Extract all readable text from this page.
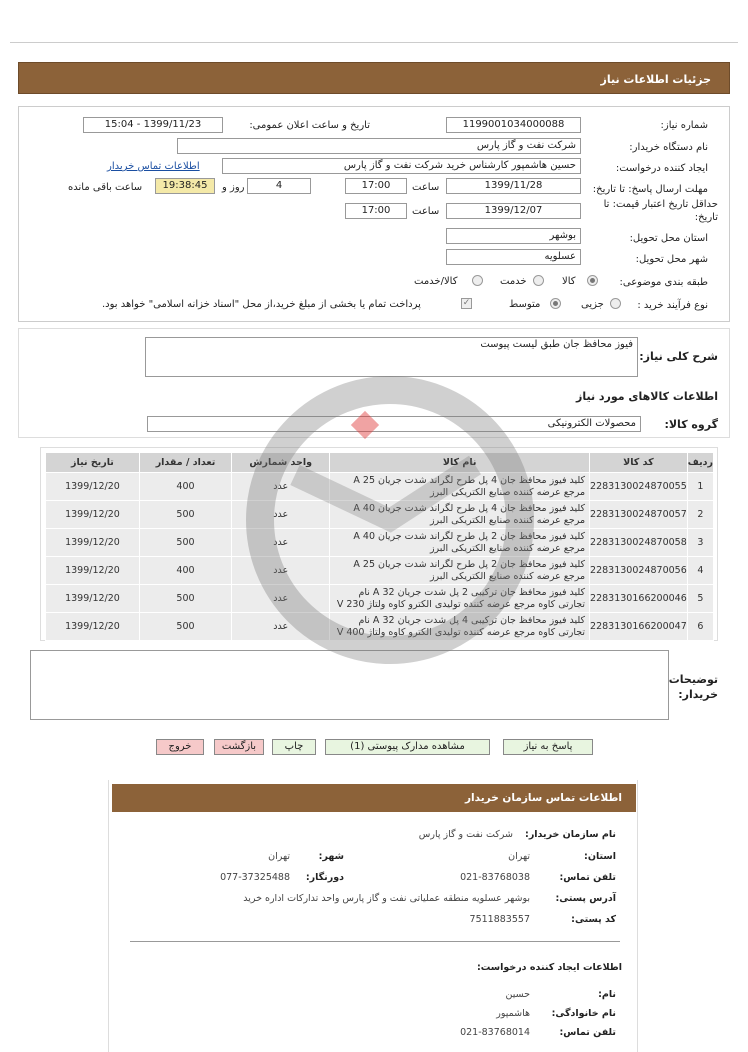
جزئیات اطلاعات نیاز
شماره نیاز:
1199001034000088
تاریخ و ساعت اعلان عمومی:
1399/11/23 - 15:04
نام دستگاه خریدار:
شرکت نفت و گاز پارس
ایجاد کننده درخواست:
حسین هاشمپور کارشناس خرید شرکت نفت و گاز پارس
اطلاعات تماس خریدار
مهلت ارسال پاسخ: تا تاریخ:
1399/11/28
ساعت
17:00
4
روز و
19:38:45
ساعت باقی مانده
حداقل تاریخ اعتبار قیمت: تا تاریخ:
1399/12/07
ساعت
17:00
استان محل تحویل:
بوشهر
شهر محل تحویل:
عسلویه
طبقه بندی موضوعی:
کالا
خدمت
کالا/خدمت
نوع فرآیند خرید :
جزیی
متوسط
✓
پرداخت تمام یا بخشی از مبلغ خرید،از محل "اسناد خزانه اسلامی" خواهد بود.
شرح کلی نیاز:
فیوز محافظ جان طبق لیست پیوست
اطلاعات کالاهای مورد نیاز
گروه کالا:
محصولات الکترونیکی
ردیف	کد کالا	نام کالا	واحد شمارش	تعداد / مقدار	تاریخ نیاز
1	2283130024870055	کلید فیوز محافظ جان 4 پل طرح لگراند شدت جریان 25 A مرجع عرضه کننده صنایع الکتریکی البرز	عدد	400	1399/12/20
2	2283130024870057	کلید فیوز محافظ جان 4 پل طرح لگراند شدت جریان 40 A مرجع عرضه کننده صنایع الکتریکی البرز	عدد	500	1399/12/20
3	2283130024870058	کلید فیوز محافظ جان 2 پل طرح لگراند شدت جریان 40 A مرجع عرضه کننده صنایع الکتریکی البرز	عدد	500	1399/12/20
4	2283130024870056	کلید فیوز محافظ جان 2 پل طرح لگراند شدت جریان 25 A مرجع عرضه کننده صنایع الکتریکی البرز	عدد	400	1399/12/20
5	2283130166200046	کلید فیوز محافظ جان ترکیبی 2 پل شدت جریان 32 A نام تجارتی کاوه مرجع عرضه کننده تولیدی الکترو کاوه ولتاژ 230 V	عدد	500	1399/12/20
6	2283130166200047	کلید فیوز محافظ جان ترکیبی 4 پل شدت جریان 32 A نام تجارتی کاوه مرجع عرضه کننده تولیدی الکترو کاوه ولتاژ 400 V	عدد	500	1399/12/20
توضیحات خریدار:
پاسخ به نیاز
مشاهده مدارک پیوستی (1)
چاپ
بازگشت
خروج
اطلاعات تماس سازمان خریدار
نام سازمان خریدار:
شرکت نفت و گاز پارس
استان:
تهران
شهر:
تهران
تلفن تماس:
021-83768038
دورنگار:
077-37325488
آدرس پستی:
بوشهر عسلویه منطقه عملیاتی نفت و گاز پارس واحد تدارکات اداره خرید
کد پستی:
7511883557
اطلاعات ایجاد کننده درخواست:
نام:
حسین
نام خانوادگی:
هاشمپور
تلفن تماس:
021-83768014
